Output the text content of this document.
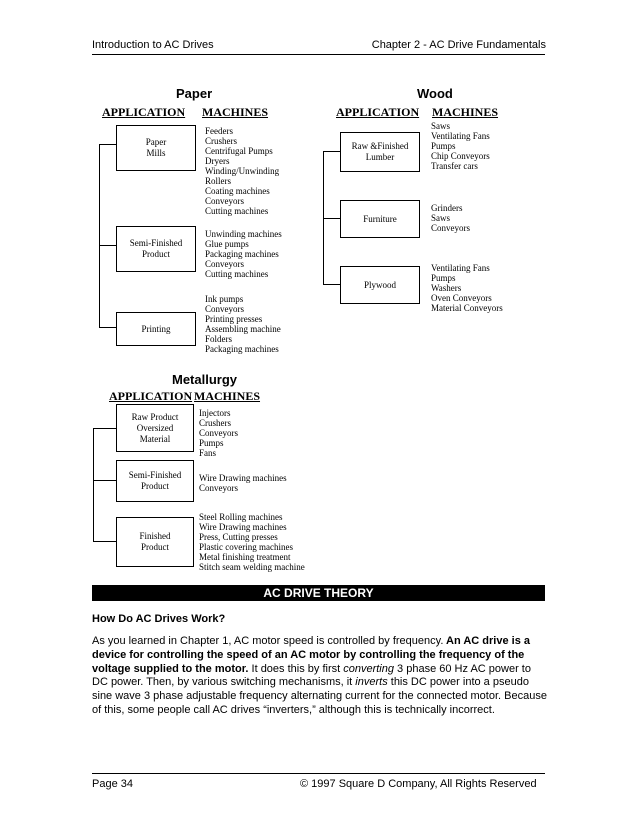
Introduction to AC Drives	Chapter 2 - AC Drive Fundamentals
Paper
APPLICATION MACHINES
Paper
Mills
Semi-Finished
Product
Printing
Feeders
Crushers
Centrifugal Pumps
Dryers
Winding/Unwinding
Rollers
Coating machines
Conveyors
Cutting machines
Unwinding machines
Glue pumps
Packaging machines
Conveyors
Cutting machines
Ink pumps
Conveyors
Printing presses
Assembling machine
Folders
Packaging machines
Wood
APPLICATION MACHINES
Raw &Finished
Lumber
Furniture
Plywood
Saws
Ventilating Fans
Pumps
Chip Conveyors
Transfer cars
Grinders
Saws
Conveyors
Ventilating Fans
Pumps
Washers
Oven Conveyors
Material Conveyors
Metallurgy
APPLICATION MACHINES
Raw Product
Oversized
Material
Semi-Finished
Product
Finished
Product
Injectors
Crushers
Conveyors
Pumps
Fans
Wire Drawing machines
Conveyors
Steel Rolling machines
Wire Drawing machines
Press, Cutting presses
Plastic covering machines
Metal finishing treatment
Stitch seam welding machine
AC DRIVE THEORY
How Do AC Drives Work?
As you learned in Chapter 1, AC motor speed is controlled by frequency. An AC drive is a device for controlling the speed of an AC motor by controlling the frequency of the voltage supplied to the motor. It does this by first converting 3 phase 60 Hz AC power to DC power. Then, by various switching mechanisms, it inverts this DC power into a pseudo sine wave 3 phase adjustable frequency alternating current for the connected motor. Because of this, some people call AC drives “inverters,” although this is technically incorrect.
Page 34	© 1997 Square D Company, All Rights Reserved
